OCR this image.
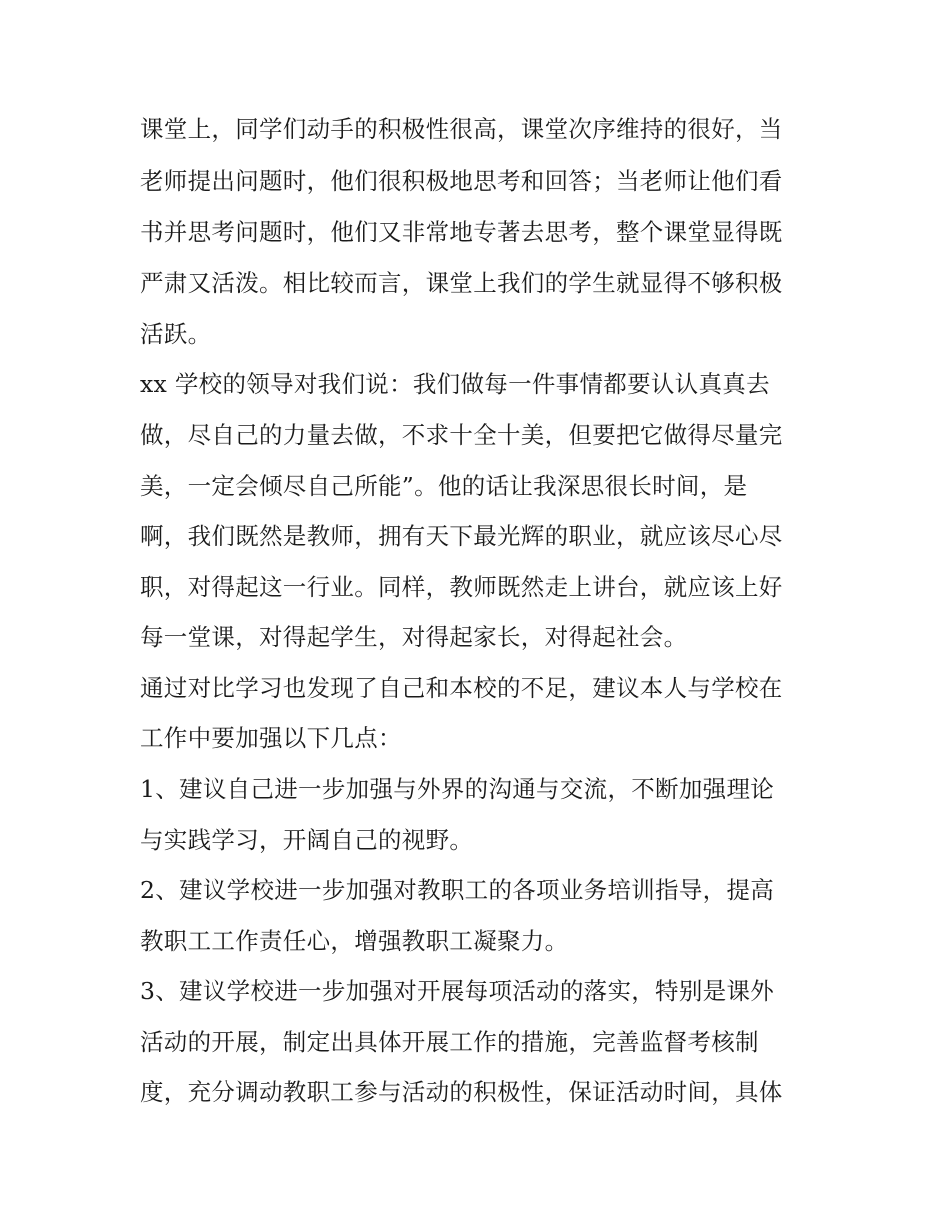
课堂上，同学们动手的积极性很高，课堂次序维持的很好，当
老师提出问题时，他们很积极地思考和回答；当老师让他们看
书并思考问题时，他们又非常地专著去思考，整个课堂显得既
严肃又活泼。相比较而言，课堂上我们的学生就显得不够积极
活跃。
xx 学校的领导对我们说：我们做每一件事情都要认认真真去
做，尽自己的力量去做，不求十全十美，但要把它做得尽量完
美，一定会倾尽自己所能”。他的话让我深思很长时间，是
啊，我们既然是教师，拥有天下最光辉的职业，就应该尽心尽
职，对得起这一行业。同样，教师既然走上讲台，就应该上好
每一堂课，对得起学生，对得起家长，对得起社会。
通过对比学习也发现了自己和本校的不足，建议本人与学校在
工作中要加强以下几点：
1、建议自己进一步加强与外界的沟通与交流，不断加强理论
与实践学习，开阔自己的视野。
2、建议学校进一步加强对教职工的各项业务培训指导，提高
教职工工作责任心，增强教职工凝聚力。
3、建议学校进一步加强对开展每项活动的落实，特别是课外
活动的开展，制定出具体开展工作的措施，完善监督考核制
度，充分调动教职工参与活动的积极性，保证活动时间，具体
